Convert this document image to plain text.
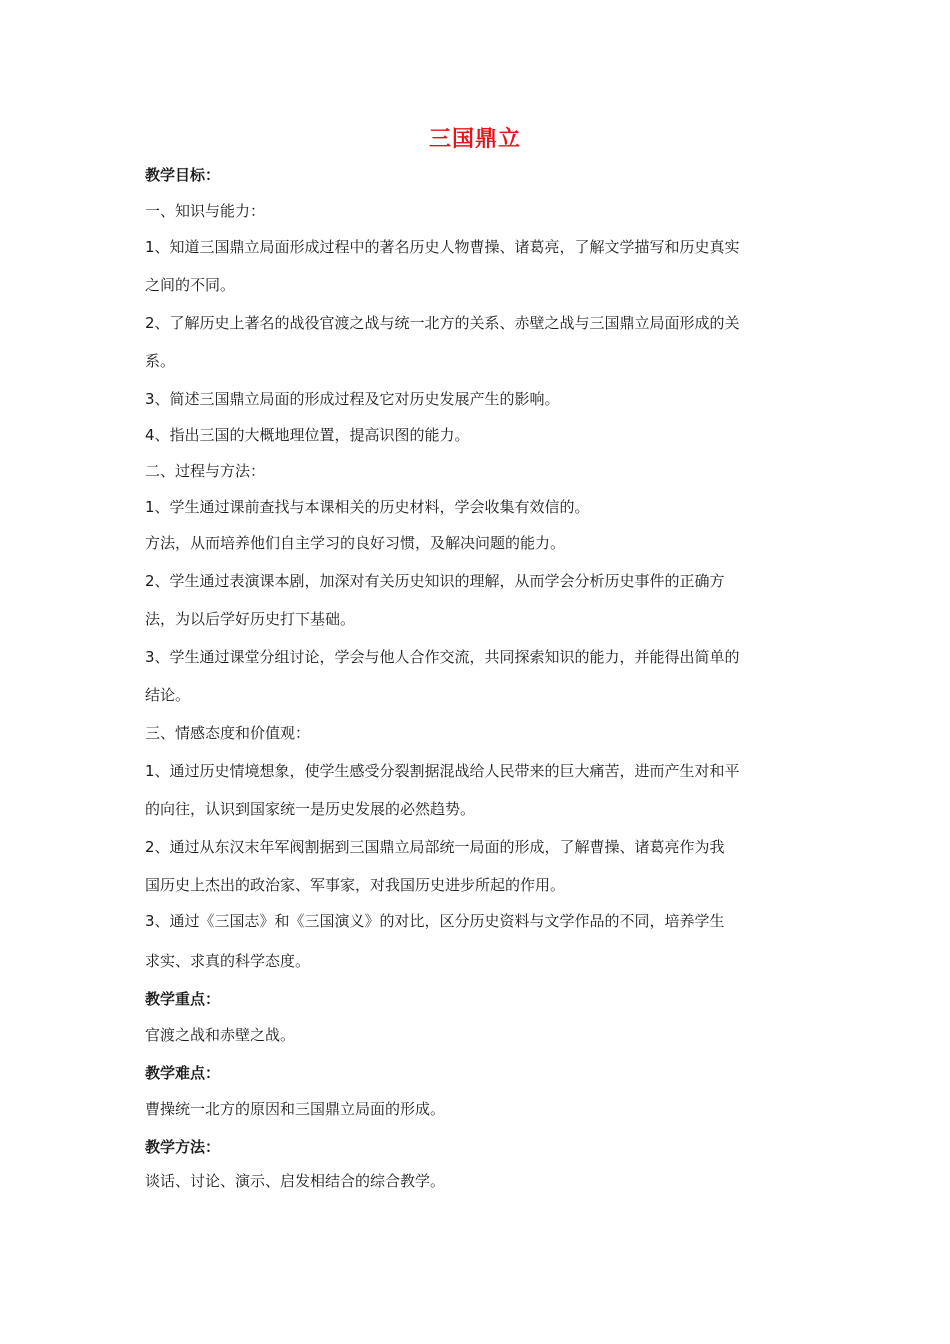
三国鼎立
教学目标：
一、知识与能力：
1、知道三国鼎立局面形成过程中的著名历史人物曹操、诸葛亮，了解文学描写和历史真实
之间的不同。
2、了解历史上著名的战役官渡之战与统一北方的关系、赤壁之战与三国鼎立局面形成的关
系。
3、简述三国鼎立局面的形成过程及它对历史发展产生的影响。
4、指出三国的大概地理位置，提高识图的能力。
二、过程与方法：
1、学生通过课前查找与本课相关的历史材料，学会收集有效信的。
方法，从而培养他们自主学习的良好习惯，及解决问题的能力。
2、学生通过表演课本剧，加深对有关历史知识的理解，从而学会分析历史事件的正确方
法，为以后学好历史打下基础。
3、学生通过课堂分组讨论，学会与他人合作交流，共同探索知识的能力，并能得出简单的
结论。
三、情感态度和价值观：
1、通过历史情境想象，使学生感受分裂割据混战给人民带来的巨大痛苦，进而产生对和平
的向往，认识到国家统一是历史发展的必然趋势。
2、通过从东汉末年军阀割据到三国鼎立局部统一局面的形成，了解曹操、诸葛亮作为我
国历史上杰出的政治家、军事家，对我国历史进步所起的作用。
3、通过《三国志》和《三国演义》的对比，区分历史资料与文学作品的不同，培养学生
求实、求真的科学态度。
教学重点：
官渡之战和赤壁之战。
教学难点：
曹操统一北方的原因和三国鼎立局面的形成。
教学方法：
谈话、讨论、演示、启发相结合的综合教学。
